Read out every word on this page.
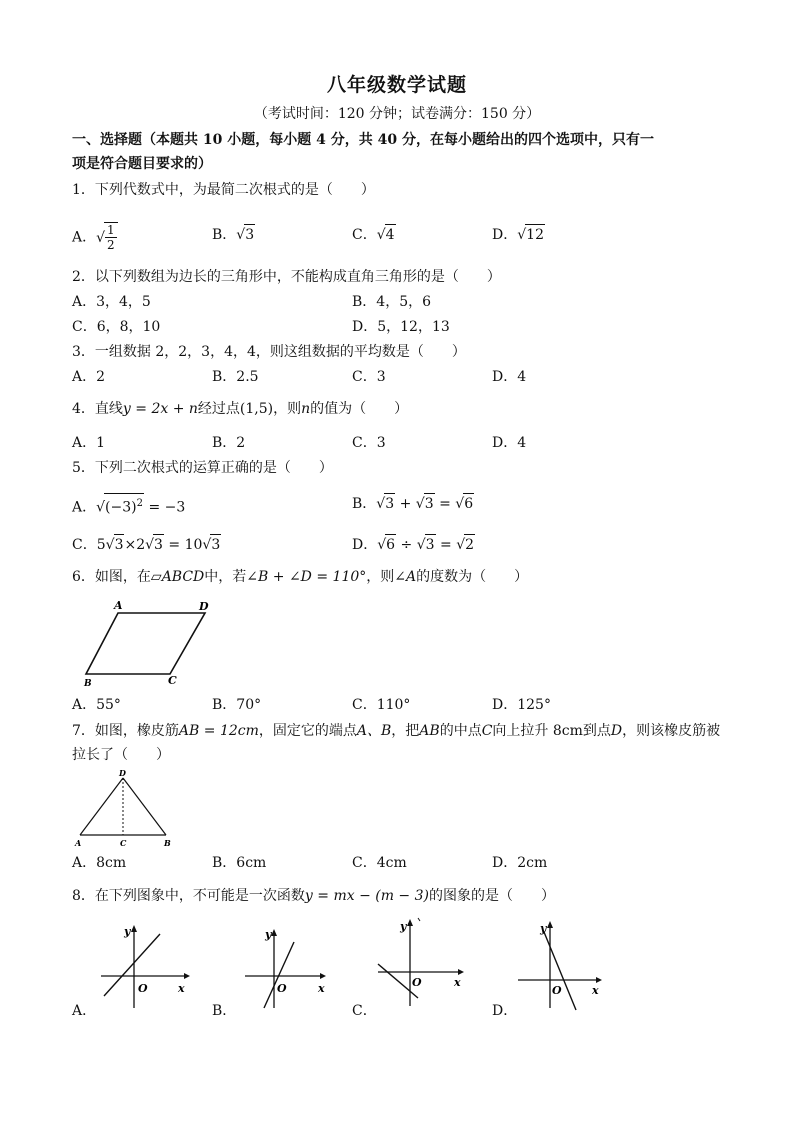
八年级数学试题
（考试时间：120 分钟；试卷满分：150 分）
一、选择题（本题共 10 小题，每小题 4 分，共 40 分，在每小题给出的四个选项中，只有一
项是符合题目要求的）
1．下列代数式中，为最简二次根式的是（　　）
A．√ $\frac{1}{2}$	B．√3	C．√4	D．√12
2．以下列数组为边长的三角形中，不能构成直角三角形的是（　　）
A．3，4，5	B．4，5，6
C．6，8，10	D．5，12，13
3．一组数据 2，2，3，4，4，则这组数据的平均数是（　　）
A．2	B．2.5	C．3	D．4
4．直线y = 2x + n经过点(1,5)，则n的值为（　　）
A．1	B．2	C．3	D．4
5．下列二次根式的运算正确的是（　　）
A．$√(-3)^2 = -3$	B．√3 + √3 = √6
C．5√3×2√3 = 10√3	D．√6 ÷ √3 = √2
6．如图，在▱ABCD中，若∠B + ∠D = 110°，则∠A的度数为（　　）
A	D
B	C
A．55°	B．70°	C．110°	D．125°
7．如图，橡皮筋AB = 12cm，固定它的端点A、B，把AB的中点C向上拉升 8cm到点D，则该橡皮筋被
拉长了（　　）
D
A	C	B
A．8cm	B．6cm	C．4cm	D．2cm
8．在下列图象中，不可能是一次函数y = mx − (m − 3)的图象的是（　　）
y
x
O
A．
y
x
O
B．
y
x
O
C．
y
x
O
D．
